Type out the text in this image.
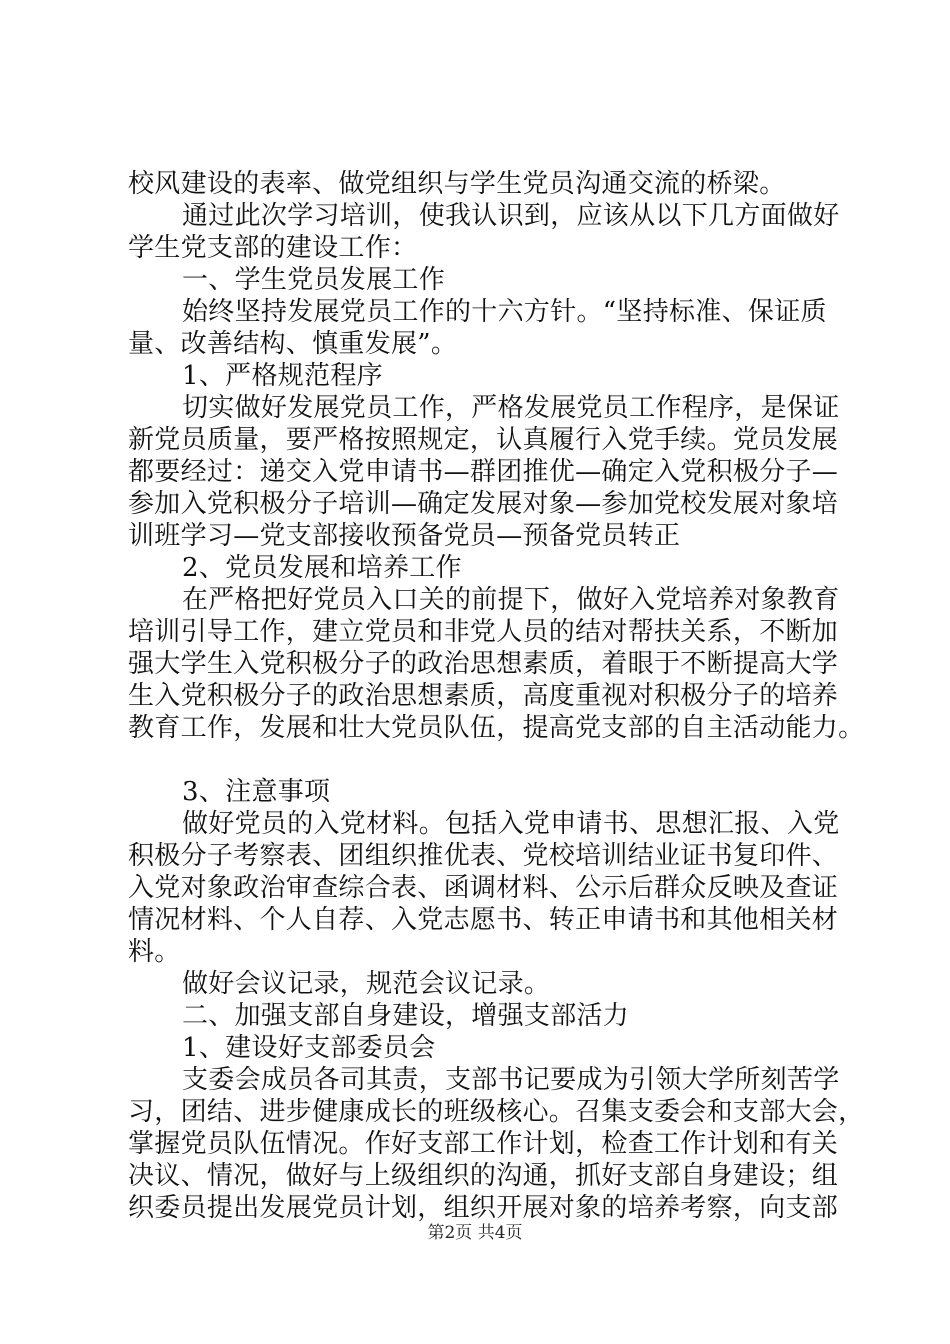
校风建设的表率、做党组织与学生党员沟通交流的桥梁。
通过此次学习培训，使我认识到，应该从以下几方面做好
学生党支部的建设工作：
一、学生党员发展工作
始终坚持发展党员工作的十六方针。“坚持标准、保证质
量、改善结构、慎重发展”。
1、严格规范程序
切实做好发展党员工作，严格发展党员工作程序，是保证
新党员质量，要严格按照规定，认真履行入党手续。党员发展
都要经过：递交入党申请书—群团推优—确定入党积极分子—
参加入党积极分子培训—确定发展对象—参加党校发展对象培
训班学习—党支部接收预备党员—预备党员转正
2、党员发展和培养工作
在严格把好党员入口关的前提下，做好入党培养对象教育
培训引导工作，建立党员和非党人员的结对帮扶关系，不断加
强大学生入党积极分子的政治思想素质，着眼于不断提高大学
生入党积极分子的政治思想素质，高度重视对积极分子的培养
教育工作，发展和壮大党员队伍，提高党支部的自主活动能力。
3、注意事项
做好党员的入党材料。包括入党申请书、思想汇报、入党
积极分子考察表、团组织推优表、党校培训结业证书复印件、
入党对象政治审查综合表、函调材料、公示后群众反映及查证
情况材料、个人自荐、入党志愿书、转正申请书和其他相关材
料。
做好会议记录，规范会议记录。
二、加强支部自身建设，增强支部活力
1、建设好支部委员会
支委会成员各司其责，支部书记要成为引领大学所刻苦学
习，团结、进步健康成长的班级核心。召集支委会和支部大会，
掌握党员队伍情况。作好支部工作计划，检查工作计划和有关
决议、情况，做好与上级组织的沟通，抓好支部自身建设；组
织委员提出发展党员计划，组织开展对象的培养考察，向支部
第2页 共4页
